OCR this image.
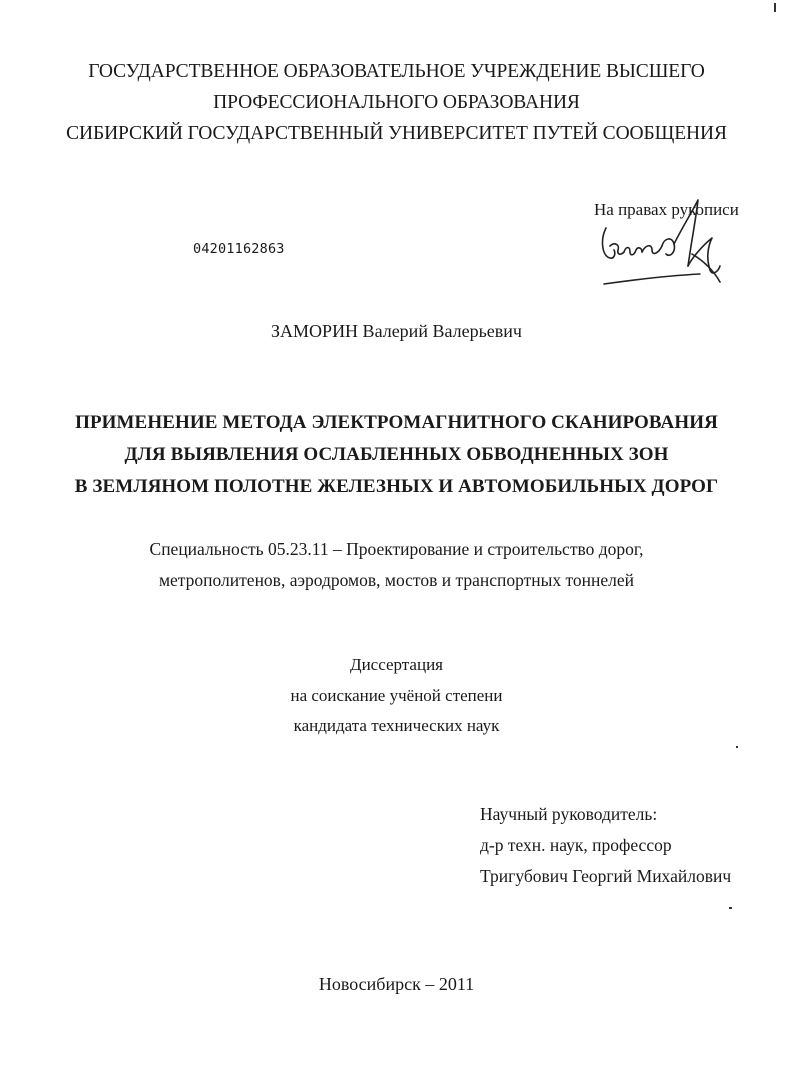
ГОСУДАРСТВЕННОЕ ОБРАЗОВАТЕЛЬНОЕ УЧРЕЖДЕНИЕ ВЫСШЕГО
ПРОФЕССИОНАЛЬНОГО ОБРАЗОВАНИЯ
СИБИРСКИЙ ГОСУДАРСТВЕННЫЙ УНИВЕРСИТЕТ ПУТЕЙ СООБЩЕНИЯ
На правах рукописи
04201162863
ЗАМОРИН Валерий Валерьевич
ПРИМЕНЕНИЕ МЕТОДА ЭЛЕКТРОМАГНИТНОГО СКАНИРОВАНИЯ
ДЛЯ ВЫЯВЛЕНИЯ ОСЛАБЛЕННЫХ ОБВОДНЕННЫХ ЗОН
В ЗЕМЛЯНОМ ПОЛОТНЕ ЖЕЛЕЗНЫХ И АВТОМОБИЛЬНЫХ ДОРОГ
Специальность 05.23.11 – Проектирование и строительство дорог,
метрополитенов, аэродромов, мостов и транспортных тоннелей
Диссертация
на соискание учёной степени
кандидата технических наук
Научный руководитель:
д-р техн. наук, профессор
Тригубович Георгий Михайлович
Новосибирск – 2011
